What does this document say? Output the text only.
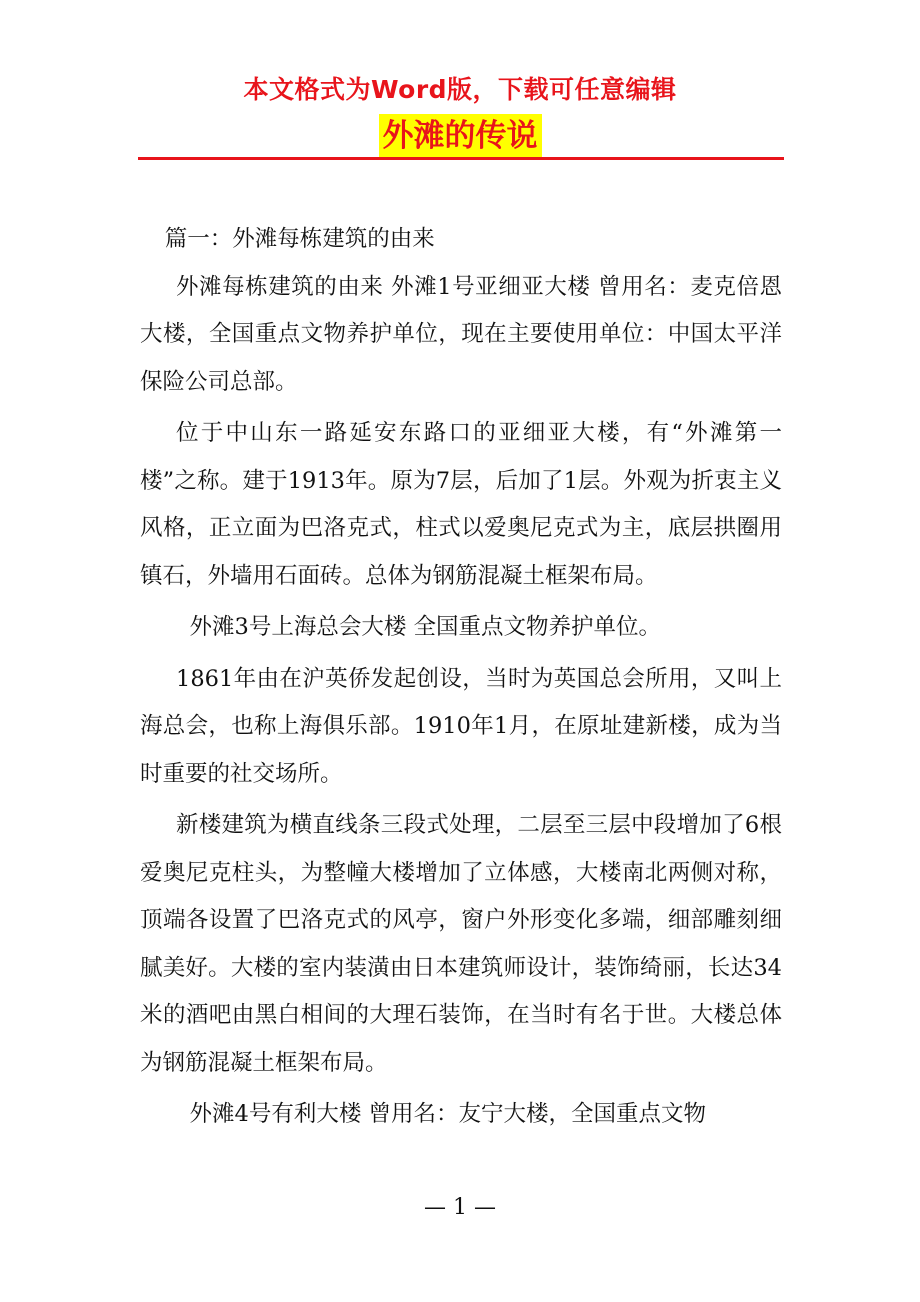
本文格式为Word版，下载可任意编辑
外滩的传说

篇一：外滩每栋建筑的由来

外滩每栋建筑的由来 外滩1号亚细亚大楼 曾用名：麦克倍恩大楼，全国重点文物养护单位，现在主要使用单位：中国太平洋保险公司总部。

位于中山东一路延安东路口的亚细亚大楼，有“外滩第一楼”之称。建于1913年。原为7层，后加了1层。外观为折衷主义风格，正立面为巴洛克式，柱式以爱奥尼克式为主，底层拱圈用镇石，外墙用石面砖。总体为钢筋混凝土框架布局。

外滩3号上海总会大楼 全国重点文物养护单位。

1861年由在沪英侨发起创设，当时为英国总会所用，又叫上海总会，也称上海俱乐部。1910年1月，在原址建新楼，成为当时重要的社交场所。

新楼建筑为横直线条三段式处理，二层至三层中段增加了6根爱奥尼克柱头，为整幢大楼增加了立体感，大楼南北两侧对称，顶端各设置了巴洛克式的风亭，窗户外形变化多端，细部雕刻细腻美好。大楼的室内装潢由日本建筑师设计，装饰绮丽，长达34米的酒吧由黑白相间的大理石装饰，在当时有名于世。大楼总体为钢筋混凝土框架布局。

外滩4号有利大楼 曾用名：友宁大楼，全国重点文物

— 1 —
